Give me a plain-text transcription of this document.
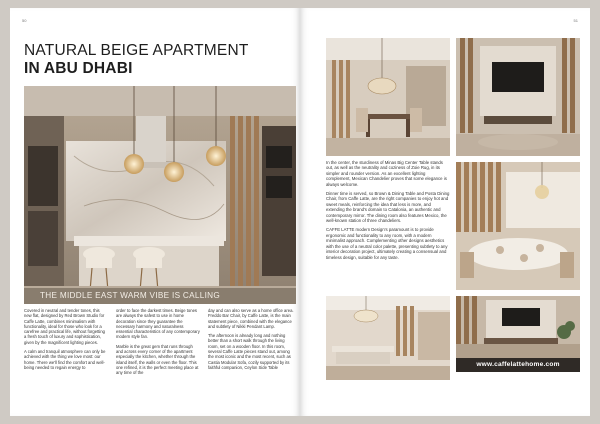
50
NATURAL BEIGE APARTMENT
IN ABU DHABI
THE MIDDLE EAST WARM VIBE IS CALLING

Covered in neutral and tender tones, this new flat, designed by Red Brown Studio for Caffe Latte, combines minimalism with functionality, ideal for those who look for a carefree and practical life, without forgetting a fresh touch of luxury and sophistication, given by the magnificent lighting pieces.

A calm and tranquil atmosphere can only be achieved with the thing we love most: our home. There we'll find the comfort and well-being needed to regain energy to

order to face the darkest times. Beige tones are always the safest to use in home decoration since they guarantee the necessary harmony and naturalness essential characteristics of any contemporary modern style fan.

Marble is the great gem that runs through and across every corner of the apartment especially the kitchen, whether through the island itself, the walls or even the floor. This one refined, it is the perfect meeting place at any time of the

day and can also serve as a home office area. Freddo Bar Chair, by Caffe Latte, is the main statement piece, combined with the elegance and subtlety of Nikki Pendant Lamp.

The afternoon is already long and nothing better than a short walk through the living room, set on a wooden floor. In this room, several Caffe Latte pieces stand out, among the most iconic and the most recent, such as Castia Modular Sofa, cozily supported by its faithful companion, Ceylon Side Table

51

In the center, the sturdiness of Minas Big Center Table stands out, as well as the neutrality and coziness of Zoie Rug, in its simpler and rounder version. As an excellent lighting complement, Mexican Chandelier proves that some elegance is always welcome.

Dinner time is served, so Brown & Dining Table and Posta Dining Chair, from Caffe Latte, are the right companies to enjoy hot and sweet meals, reinforcing the idea that less is more, and extending the brand's domain to Catalonia, an authentic and contemporary mirror. The dining room also features Mexico, the well-known station of three chandeliers.

CAFFE LATTE modern Design's paramount is to provide ergonomic and functionality to any room, with a modern minimalist approach. Complementing other designs aesthetics with the use of a neutral color palette, presenting subtlety to any interior decoration project, ultimately creating a consensual and timeless design, suitable for any taste.

www.caffelattehome.com
